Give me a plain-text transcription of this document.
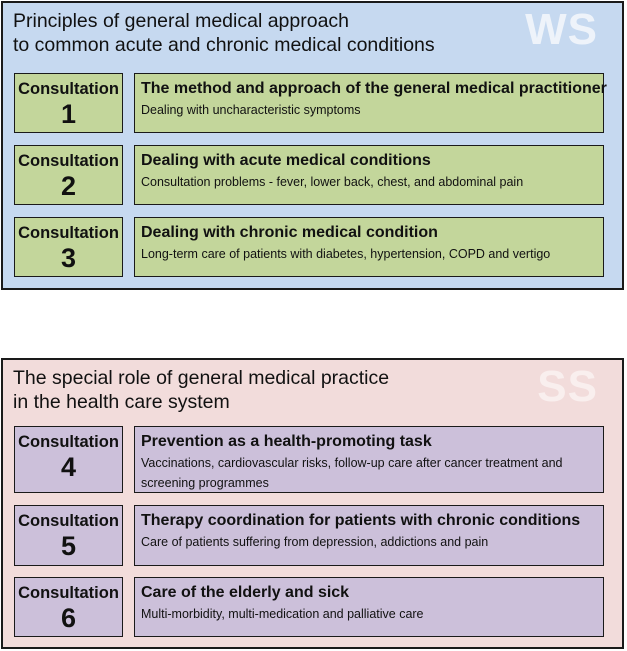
Principles of general medical approach
to common acute and chronic medical conditions WS
Consultation
1
The method and approach of the general medical practitioner
Dealing with uncharacteristic symptoms
Consultation
2
Dealing with acute medical conditions
Consultation problems - fever, lower back, chest, and abdominal pain
Consultation
3
Dealing with chronic medical condition
Long-term care of patients with diabetes, hypertension, COPD and vertigo
The special role of general medical practice
in the health care system	SS
Consultation
4
Prevention as a health-promoting task
Vaccinations, cardiovascular risks, follow-up care after cancer treatment and screening programmes
Consultation
5
Therapy coordination for patients with chronic conditions
Care of patients suffering from depression, addictions and pain
Consultation
6
Care of the elderly and sick
Multi-morbidity, multi-medication and palliative care
